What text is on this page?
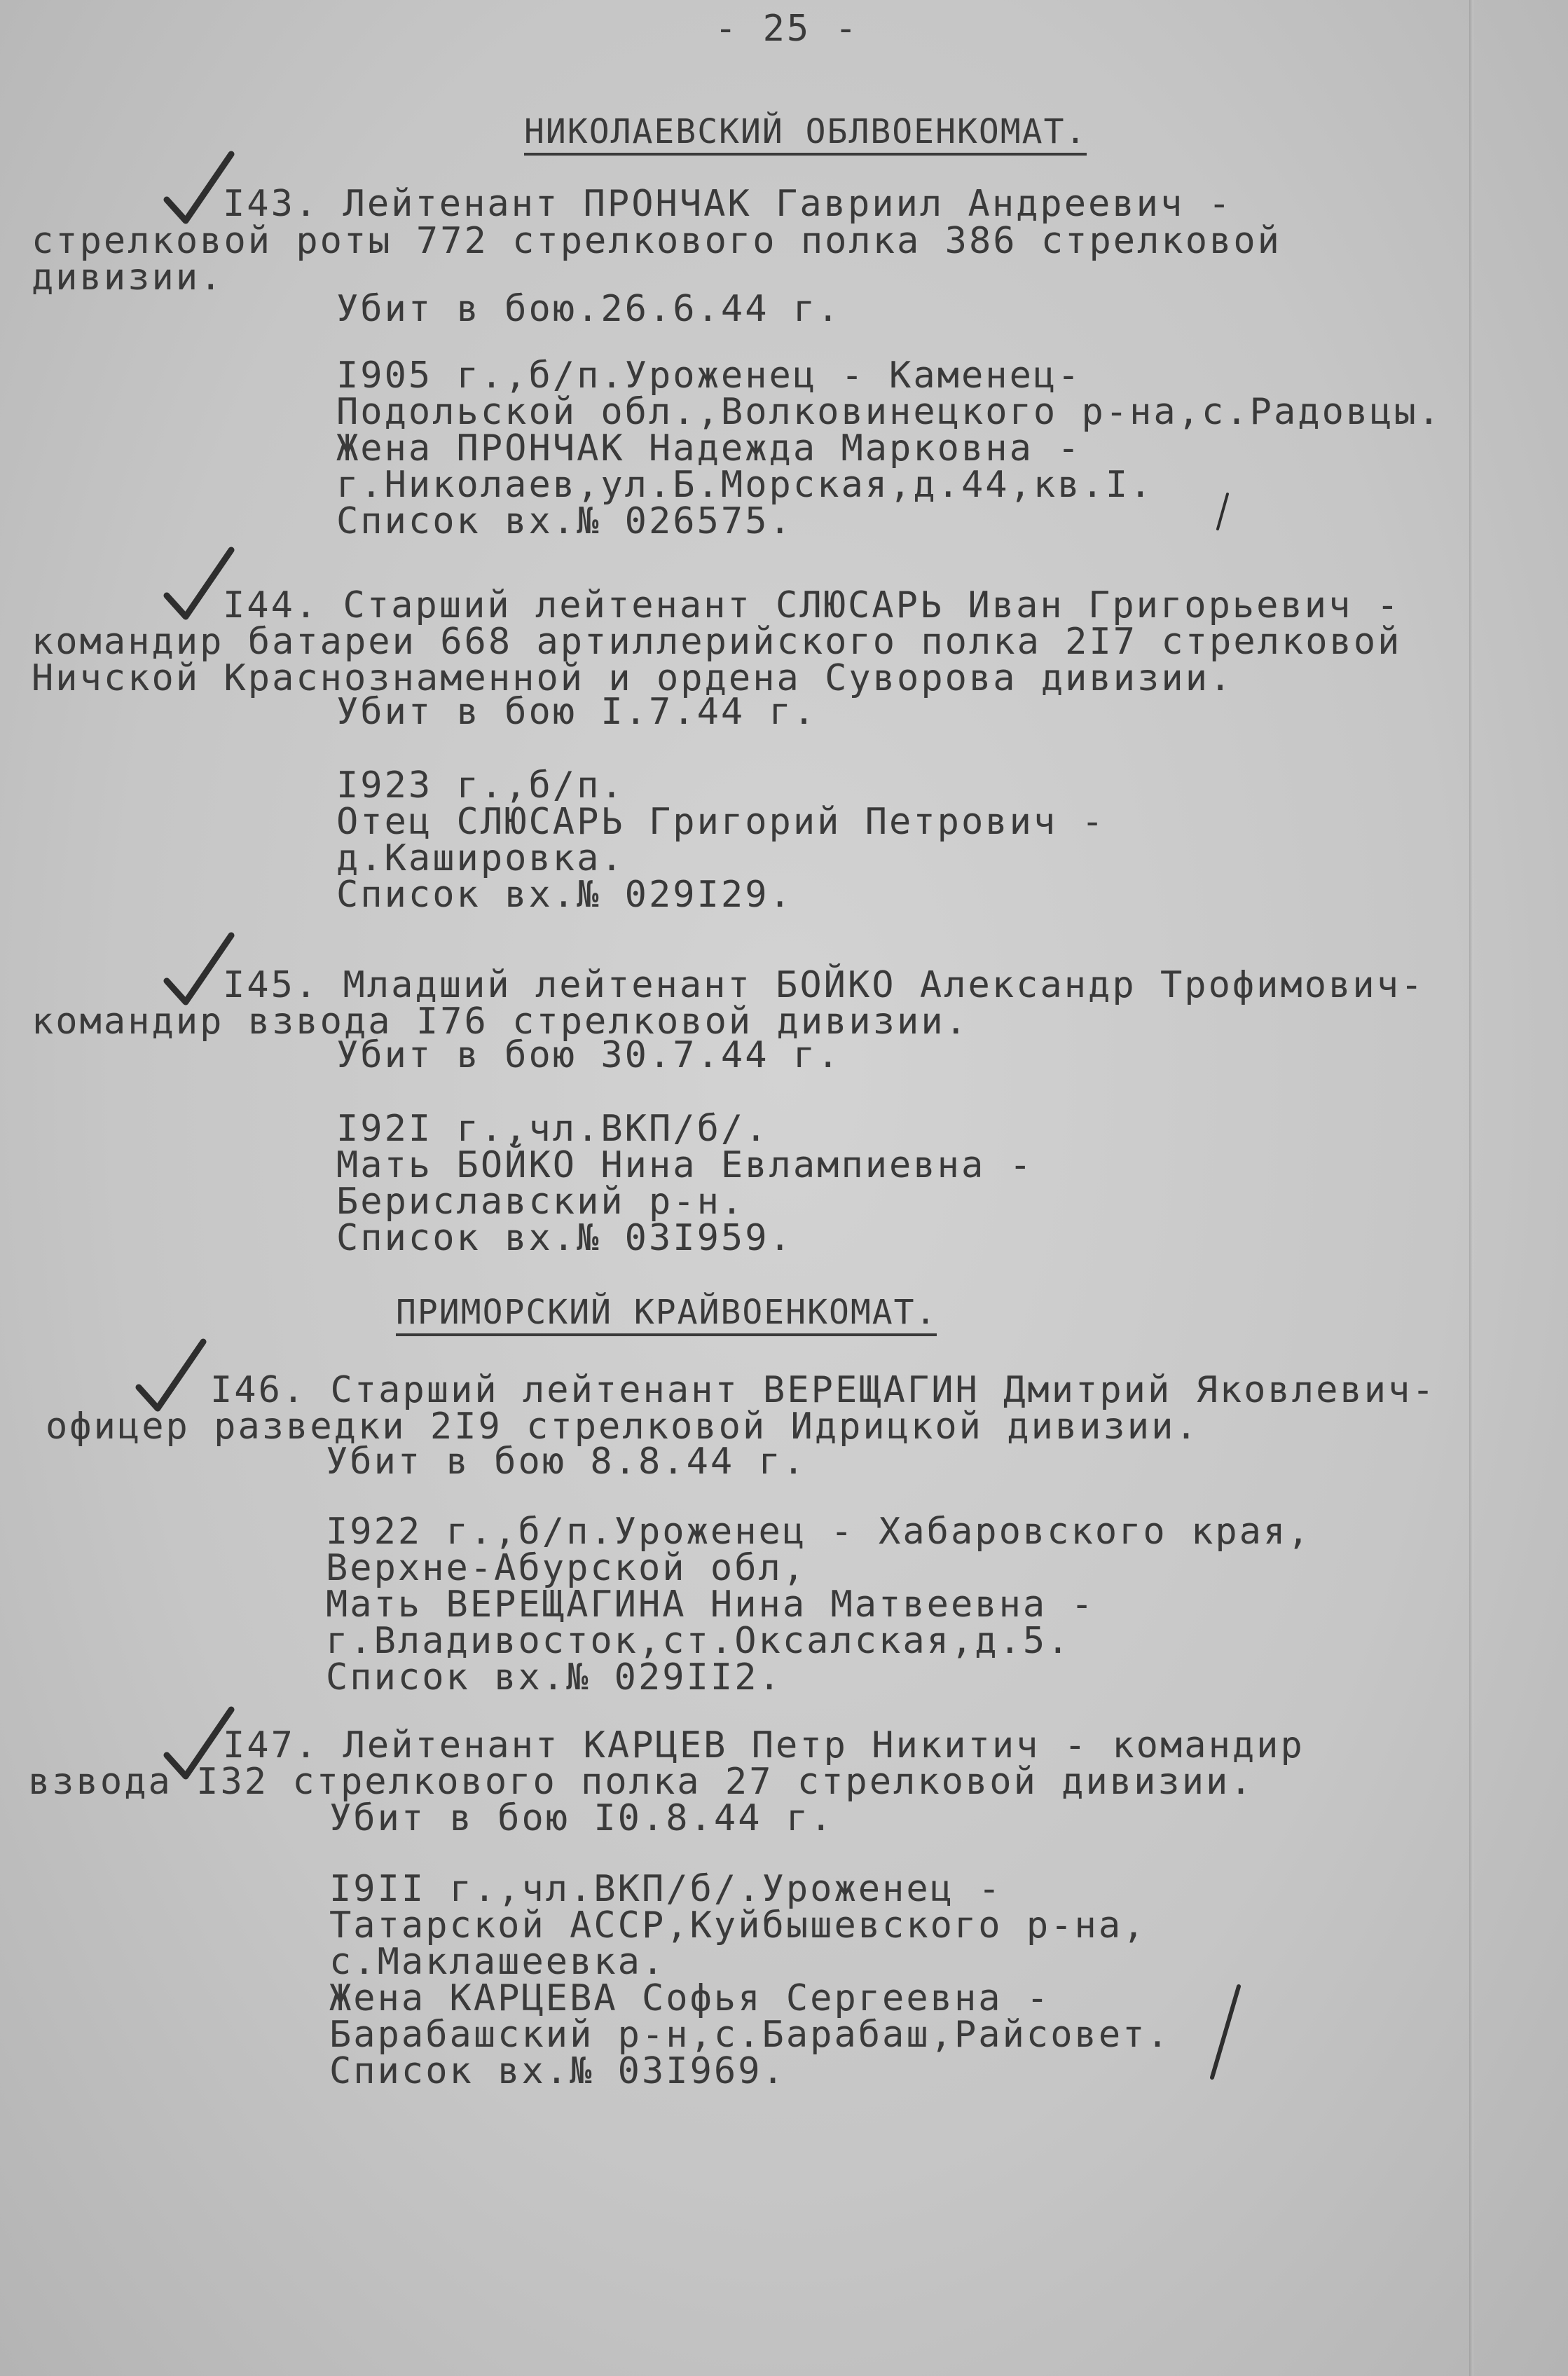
- 25 -
НИКОЛАЕВСКИЙ ОБЛВОЕНКОМАТ.
I43. Лейтенант ПРОНЧАК Гавриил Андреевич -
стрелковой роты 772 стрелкового полка 386 стрелковой
дивизии.
Убит в бою.26.6.44 г.
I905 г.,б/п.Уроженец - Каменец-
Подольской обл.,Волковинецкого р-на,с.Радовцы.
Жена ПРОНЧАК Надежда Марковна -
г.Николаев,ул.Б.Морская,д.44,кв.I.
Список вх.№ 026575.
I44. Старший лейтенант СЛЮСАРЬ Иван Григорьевич -
командир батареи 668 артиллерийского полка 2I7 стрелковой
Ничской Краснознаменной и ордена Суворова дивизии.
Убит в бою I.7.44 г.
I923 г.,б/п.
Отец СЛЮСАРЬ Григорий Петрович -
д.Кашировка.
Список вх.№ 029I29.
I45. Младший лейтенант БОЙКО Александр Трофимович-
командир взвода I76 стрелковой дивизии.
Убит в бою 30.7.44 г.
I92I г.,чл.ВКП/б/.
Мать БОЙКО Нина Евлампиевна -
Бериславский р-н.
Список вх.№ 03I959.
ПРИМОРСКИЙ КРАЙВОЕНКОМАТ.
I46. Старший лейтенант ВЕРЕЩАГИН Дмитрий Яковлевич-
офицер разведки 2I9 стрелковой Идрицкой дивизии.
Убит в бою 8.8.44 г.
I922 г.,б/п.Уроженец - Хабаровского края,
Верхне-Абурской обл,
Мать ВЕРЕЩАГИНА Нина Матвеевна -
г.Владивосток,ст.Оксалская,д.5.
Список вх.№ 029II2.
I47. Лейтенант КАРЦЕВ Петр Никитич - командир
взвода I32 стрелкового полка 27 стрелковой дивизии.
Убит в бою I0.8.44 г.
I9II г.,чл.ВКП/б/.Уроженец -
Татарской АССР,Куйбышевского р-на,
с.Маклашеевка.
Жена КАРЦЕВА Софья Сергеевна -
Барабашский р-н,с.Барабаш,Райсовет.
Список вх.№ 03I969.
